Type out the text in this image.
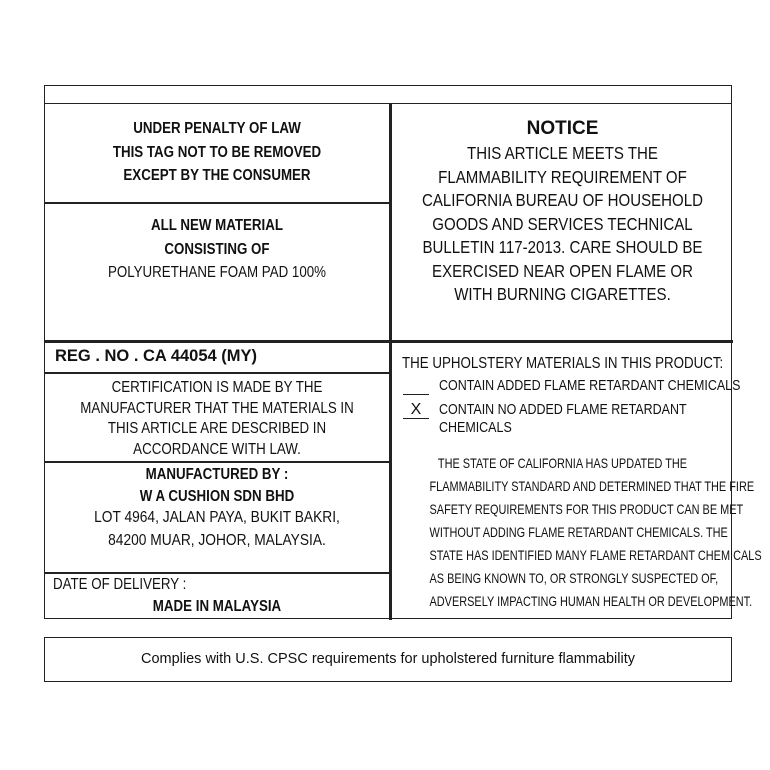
UNDER PENALTY OF LAW
THIS TAG NOT TO BE REMOVED
EXCEPT BY THE CONSUMER
ALL NEW MATERIAL
CONSISTING OF
POLYURETHANE FOAM PAD 100%
REG . NO . CA 44054 (MY)
CERTIFICATION IS MADE BY THE
MANUFACTURER THAT THE MATERIALS IN
THIS ARTICLE ARE DESCRIBED IN
ACCORDANCE WITH LAW.
MANUFACTURED BY :
W A CUSHION SDN BHD
LOT 4964, JALAN PAYA, BUKIT BAKRI,
84200 MUAR, JOHOR, MALAYSIA.
DATE OF DELIVERY :
MADE IN MALAYSIA
NOTICE
THIS ARTICLE MEETS THE
FLAMMABILITY REQUIREMENT OF
CALIFORNIA BUREAU OF HOUSEHOLD
GOODS AND SERVICES TECHNICAL
BULLETIN 117-2013. CARE SHOULD BE
EXERCISED NEAR OPEN FLAME OR
WITH BURNING CIGARETTES.
THE UPHOLSTERY MATERIALS IN THIS PRODUCT:
CONTAIN ADDED FLAME RETARDANT CHEMICALS
X	CONTAIN NO ADDED FLAME RETARDANT
CHEMICALS
THE STATE OF CALIFORNIA HAS UPDATED THE
FLAMMABILITY STANDARD AND DETERMINED THAT THE FIRE
SAFETY REQUIREMENTS FOR THIS PRODUCT CAN BE MET
WITHOUT ADDING FLAME RETARDANT CHEMICALS. THE
STATE HAS IDENTIFIED MANY FLAME RETARDANT CHEMICALS
AS BEING KNOWN TO, OR STRONGLY SUSPECTED OF,
ADVERSELY IMPACTING HUMAN HEALTH OR DEVELOPMENT.
Complies with U.S. CPSC requirements for upholstered furniture flammability
